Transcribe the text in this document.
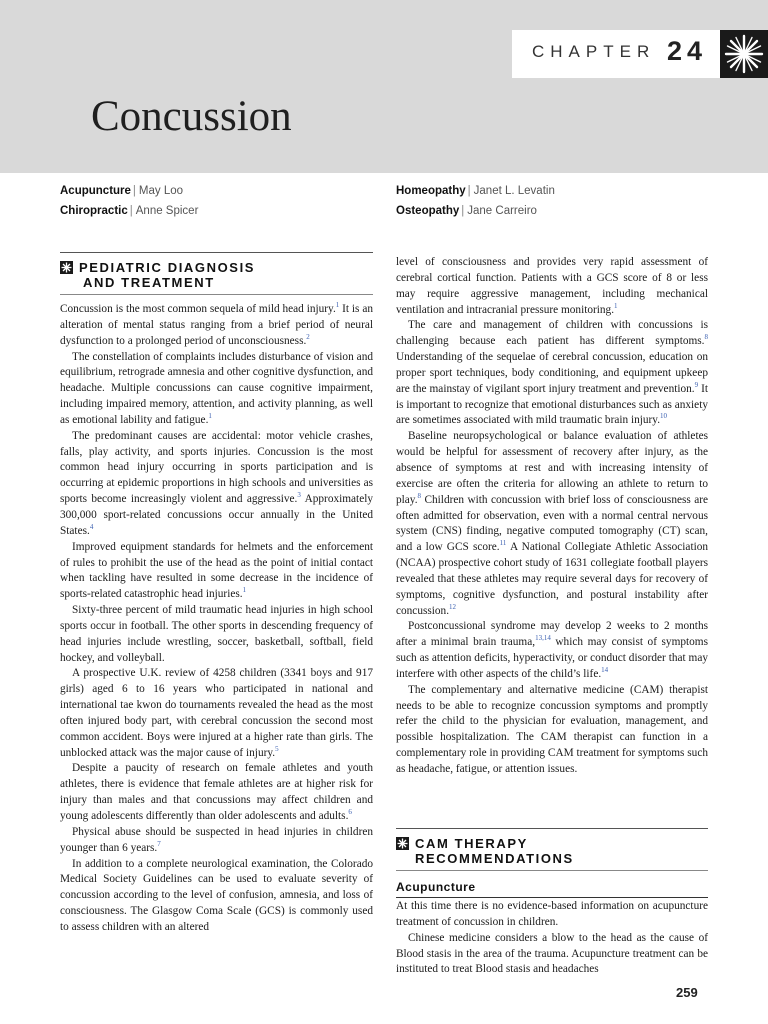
CHAPTER 24
Concussion
Acupuncture | May Loo
Chiropractic | Anne Spicer
Homeopathy | Janet L. Levatin
Osteopathy | Jane Carreiro
PEDIATRIC DIAGNOSIS
AND TREATMENT

Concussion is the most common sequela of mild head injury.$^1$ It is an alteration of mental status ranging from a brief period of neural dysfunction to a prolonged period of unconsciousness.$^2$

The constellation of complaints includes disturbance of vision and equilibrium, retrograde amnesia and other cognitive dysfunction, and headache. Multiple concussions can cause cognitive impairment, including impaired memory, attention, and activity planning, as well as emotional lability and fatigue.$^1$

The predominant causes are accidental: motor vehicle crashes, falls, play activity, and sports injuries. Concussion is the most common head injury occurring in sports participation and is occurring at epidemic proportions in high schools and universities as sports become increasingly violent and aggressive.$^3$ Approximately 300,000 sport-related concussions occur annually in the United States.$^4$

Improved equipment standards for helmets and the enforcement of rules to prohibit the use of the head as the point of initial contact when tackling have resulted in some decrease in the incidence of sports-related catastrophic head injuries.$^1$

Sixty-three percent of mild traumatic head injuries in high school sports occur in football. The other sports in descending frequency of head injuries include wrestling, soccer, basketball, softball, field hockey, and volleyball.

A prospective U.K. review of 4258 children (3341 boys and 917 girls) aged 6 to 16 years who participated in national and international tae kwon do tournaments revealed the head as the most often injured body part, with cerebral concussion the second most common accident. Boys were injured at a higher rate than girls. The unblocked attack was the major cause of injury.$^5$

Despite a paucity of research on female athletes and youth athletes, there is evidence that female athletes are at higher risk for injury than males and that concussions may affect children and young adolescents differently than older adolescents and adults.$^6$

Physical abuse should be suspected in head injuries in children younger than 6 years.$^7$

In addition to a complete neurological examination, the Colorado Medical Society Guidelines can be used to evaluate severity of concussion according to the level of confusion, amnesia, and loss of consciousness. The Glasgow Coma Scale (GCS) is commonly used to assess children with an altered

level of consciousness and provides very rapid assessment of cerebral cortical function. Patients with a GCS score of 8 or less may require aggressive management, including mechanical ventilation and intracranial pressure monitoring.$^1$

The care and management of children with concussions is challenging because each patient has different symptoms.$^8$ Understanding of the sequelae of cerebral concussion, education on proper sport techniques, body conditioning, and equipment upkeep are the mainstay of vigilant sport injury treatment and prevention.$^9$ It is important to recognize that emotional disturbances such as anxiety are sometimes associated with mild traumatic brain injury.$^{10}$

Baseline neuropsychological or balance evaluation of athletes would be helpful for assessment of recovery after injury, as the absence of symptoms at rest and with increasing intensity of exercise are often the criteria for allowing an athlete to return to play.$^8$ Children with concussion with brief loss of consciousness are often admitted for observation, even with a normal central nervous system (CNS) finding, negative computed tomography (CT) scan, and a low GCS score.$^{11}$ A National Collegiate Athletic Association (NCAA) prospective cohort study of 1631 collegiate football players revealed that these athletes may require several days for recovery of symptoms, cognitive dysfunction, and postural instability after concussion.$^{12}$

Postconcussional syndrome may develop 2 weeks to 2 months after a minimal brain trauma,$^{13,14}$ which may consist of symptoms such as attention deficits, hyperactivity, or conduct disorder that may interfere with other aspects of the child’s life.$^{14}$

The complementary and alternative medicine (CAM) therapist needs to be able to recognize concussion symptoms and promptly refer the child to the physician for evaluation, management, and possible hospitalization. The CAM therapist can function in a complementary role in providing CAM treatment for symptoms such as headache, fatigue, or attention issues.

CAM THERAPY
RECOMMENDATIONS
Acupuncture

At this time there is no evidence-based information on acupuncture treatment of concussion in children.

Chinese medicine considers a blow to the head as the cause of Blood stasis in the area of the trauma. Acupuncture treatment can be instituted to treat Blood stasis and headaches

259
